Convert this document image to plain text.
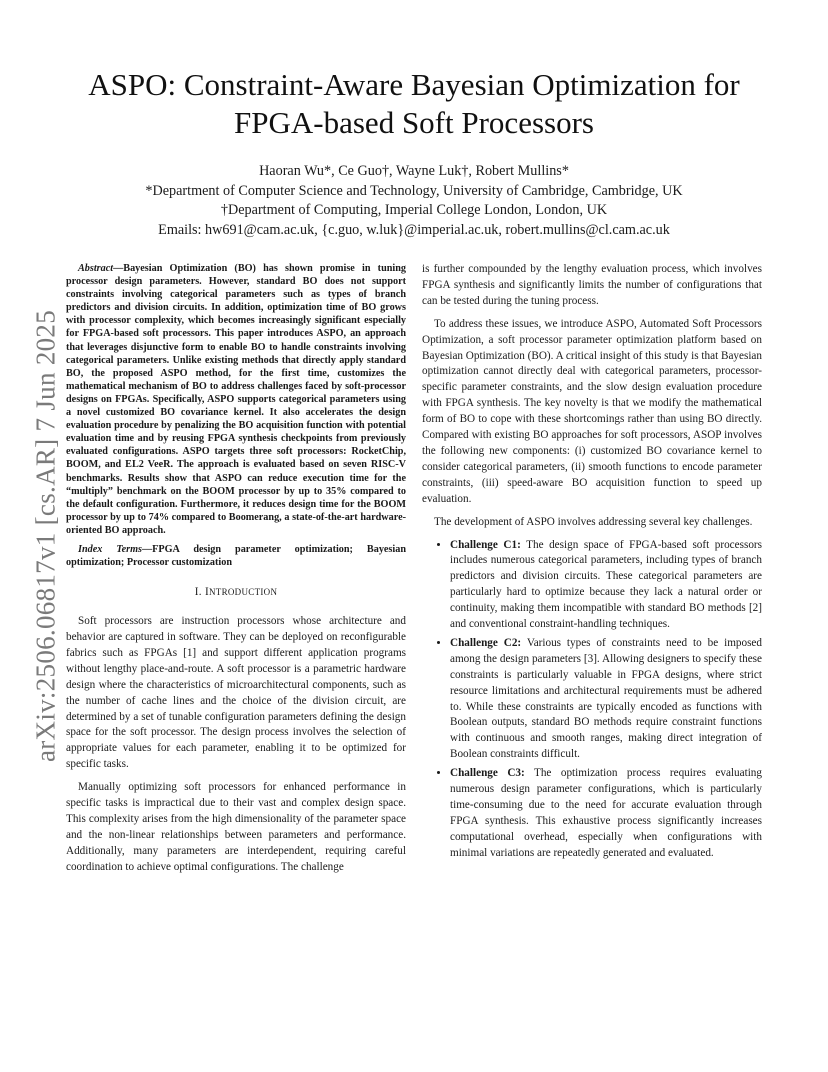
arXiv:2506.06817v1 [cs.AR] 7 Jun 2025
ASPO: Constraint-Aware Bayesian Optimization for
FPGA-based Soft Processors
Haoran Wu*, Ce Guo†, Wayne Luk†, Robert Mullins*
*Department of Computer Science and Technology, University of Cambridge, Cambridge, UK
†Department of Computing, Imperial College London, London, UK
Emails: hw691@cam.ac.uk, {c.guo, w.luk}@imperial.ac.uk, robert.mullins@cl.cam.ac.uk

Abstract—Bayesian Optimization (BO) has shown promise in tuning processor design parameters. However, standard BO does not support constraints involving categorical parameters such as types of branch predictors and division circuits. In addition, optimization time of BO grows with processor complexity, which becomes increasingly significant especially for FPGA-based soft processors. This paper introduces ASPO, an approach that leverages disjunctive form to enable BO to handle constraints involving categorical parameters. Unlike existing methods that directly apply standard BO, the proposed ASPO method, for the first time, customizes the mathematical mechanism of BO to address challenges faced by soft-processor designs on FPGAs. Specifically, ASPO supports categorical parameters using a novel customized BO covariance kernel. It also accelerates the design evaluation procedure by penalizing the BO acquisition function with potential evaluation time and by reusing FPGA synthesis checkpoints from previously evaluated configurations. ASPO targets three soft processors: RocketChip, BOOM, and EL2 VeeR. The approach is evaluated based on seven RISC-V benchmarks. Results show that ASPO can reduce execution time for the “multiply” benchmark on the BOOM processor by up to 35% compared to the default configuration. Furthermore, it reduces design time for the BOOM processor by up to 74% compared to Boomerang, a state-of-the-art hardware-oriented BO approach.

Index Terms—FPGA design parameter optimization; Bayesian optimization; Processor customization

I. INTRODUCTION

Soft processors are instruction processors whose architecture and behavior are captured in software. They can be deployed on reconfigurable fabrics such as FPGAs [1] and support different application programs without lengthy place-and-route. A soft processor is a parametric hardware design where the characteristics of microarchitectural components, such as the number of cache lines and the choice of the division circuit, are determined by a set of tunable configuration parameters defining the design space for the soft processor. The design process involves the selection of appropriate values for each parameter, enabling it to be optimized for specific tasks.

Manually optimizing soft processors for enhanced performance in specific tasks is impractical due to their vast and complex design space. This complexity arises from the high dimensionality of the parameter space and the non-linear relationships between parameters and performance. Additionally, many parameters are interdependent, requiring careful coordination to achieve optimal configurations. The challenge

is further compounded by the lengthy evaluation process, which involves FPGA synthesis and significantly limits the number of configurations that can be tested during the tuning process.

To address these issues, we introduce ASPO, Automated Soft Processors Optimization, a soft processor parameter optimization platform based on Bayesian Optimization (BO). A critical insight of this study is that Bayesian optimization cannot directly deal with categorical parameters, processor-specific parameter constraints, and the slow design evaluation procedure with FPGA synthesis. The key novelty is that we modify the mathematical form of BO to cope with these shortcomings rather than using BO directly. Compared with existing BO approaches for soft processors, ASOP involves the following new components: (i) customized BO covariance kernel to consider categorical parameters, (ii) smooth functions to encode parameter constraints, (iii) speed-aware BO acquisition function to speed up evaluation.

The development of ASPO involves addressing several key challenges.

• Challenge C1: The design space of FPGA-based soft processors includes numerous categorical parameters, including types of branch predictors and division circuits. These categorical parameters are particularly hard to optimize because they lack a natural order or continuity, making them incompatible with standard BO methods [2] and conventional constraint-handling techniques.
• Challenge C2: Various types of constraints need to be imposed among the design parameters [3]. Allowing designers to specify these constraints is particularly valuable in FPGA designs, where strict resource limitations and architectural requirements must be adhered to. While these constraints are typically encoded as functions with Boolean outputs, standard BO methods require constraint functions with continuous and smooth ranges, making direct integration of Boolean constraints difficult.
• Challenge C3: The optimization process requires evaluating numerous design parameter configurations, which is particularly time-consuming due to the need for accurate evaluation through FPGA synthesis. This exhaustive process significantly increases computational overhead, especially when configurations with minimal variations are repeatedly generated and evaluated.
